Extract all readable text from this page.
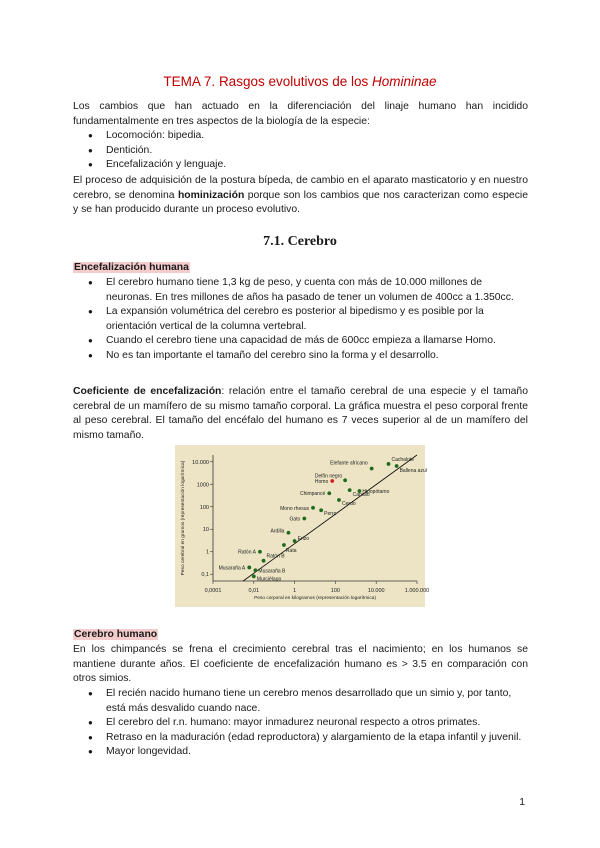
TEMA 7. Rasgos evolutivos de los Homininae
Los cambios que han actuado en la diferenciación del linaje humano han incidido fundamentalmente en tres aspectos de la biología de la especie:
● Locomoción: bipedia.
● Dentición.
● Encefalización y lenguaje.
El proceso de adquisición de la postura bípeda, de cambio en el aparato masticatorio y en nuestro cerebro, se denomina hominización porque son los cambios que nos caracterizan como especie y se han producido durante un proceso evolutivo.
7.1. Cerebro
Encefalización humana
● El cerebro humano tiene 1,3 kg de peso, y cuenta con más de 10.000 millones de neuronas. En tres millones de años ha pasado de tener un volumen de 400cc a 1.350cc.
● La expansión volumétrica del cerebro es posterior al bipedismo y es posible por la orientación vertical de la columna vertebral.
● Cuando el cerebro tiene una capacidad de más de 600cc empieza a llamarse Homo.
● No es tan importante el tamaño del cerebro sino la forma y el desarrollo.
Coeficiente de encefalización: relación entre el tamaño cerebral de una especie y el tamaño cerebral de un mamífero de su mismo tamaño corporal. La gráfica muestra el peso corporal frente al peso cerebral. El tamaño del encéfalo del humano es 7 veces superior al de un mamífero del mismo tamaño.
0,0001	0,01	1	100	10.000	1.000.000
10.000
1000
100
10
1
0,1
Peso corporal en kilogramos (representación logarítmica)
Peso cerebral en gramos (representación logarítmica)	Elefante africano
Cachalote
Ballena azul
Delfín negro
Homo
Chimpancé	Hipopótamo
Caballo
Cerdo
Mono rhesus
Perro
Gato
Ardilla
Erizo
Rata
Ratón A
Ratón B
Musaraña A	Musaraña B
Murciélago
Cerebro humano
En los chimpancés se frena el crecimiento cerebral tras el nacimiento; en los humanos se mantiene durante años. El coeficiente de encefalización humano es > 3.5 en comparación con otros simios.
● El recién nacido humano tiene un cerebro menos desarrollado que un simio y, por tanto, está más desvalido cuando nace.
● El cerebro del r.n. humano: mayor inmadurez neuronal respecto a otros primates.
● Retraso en la maduración (edad reproductora) y alargamiento de la etapa infantil y juvenil.
● Mayor longevidad.
1
